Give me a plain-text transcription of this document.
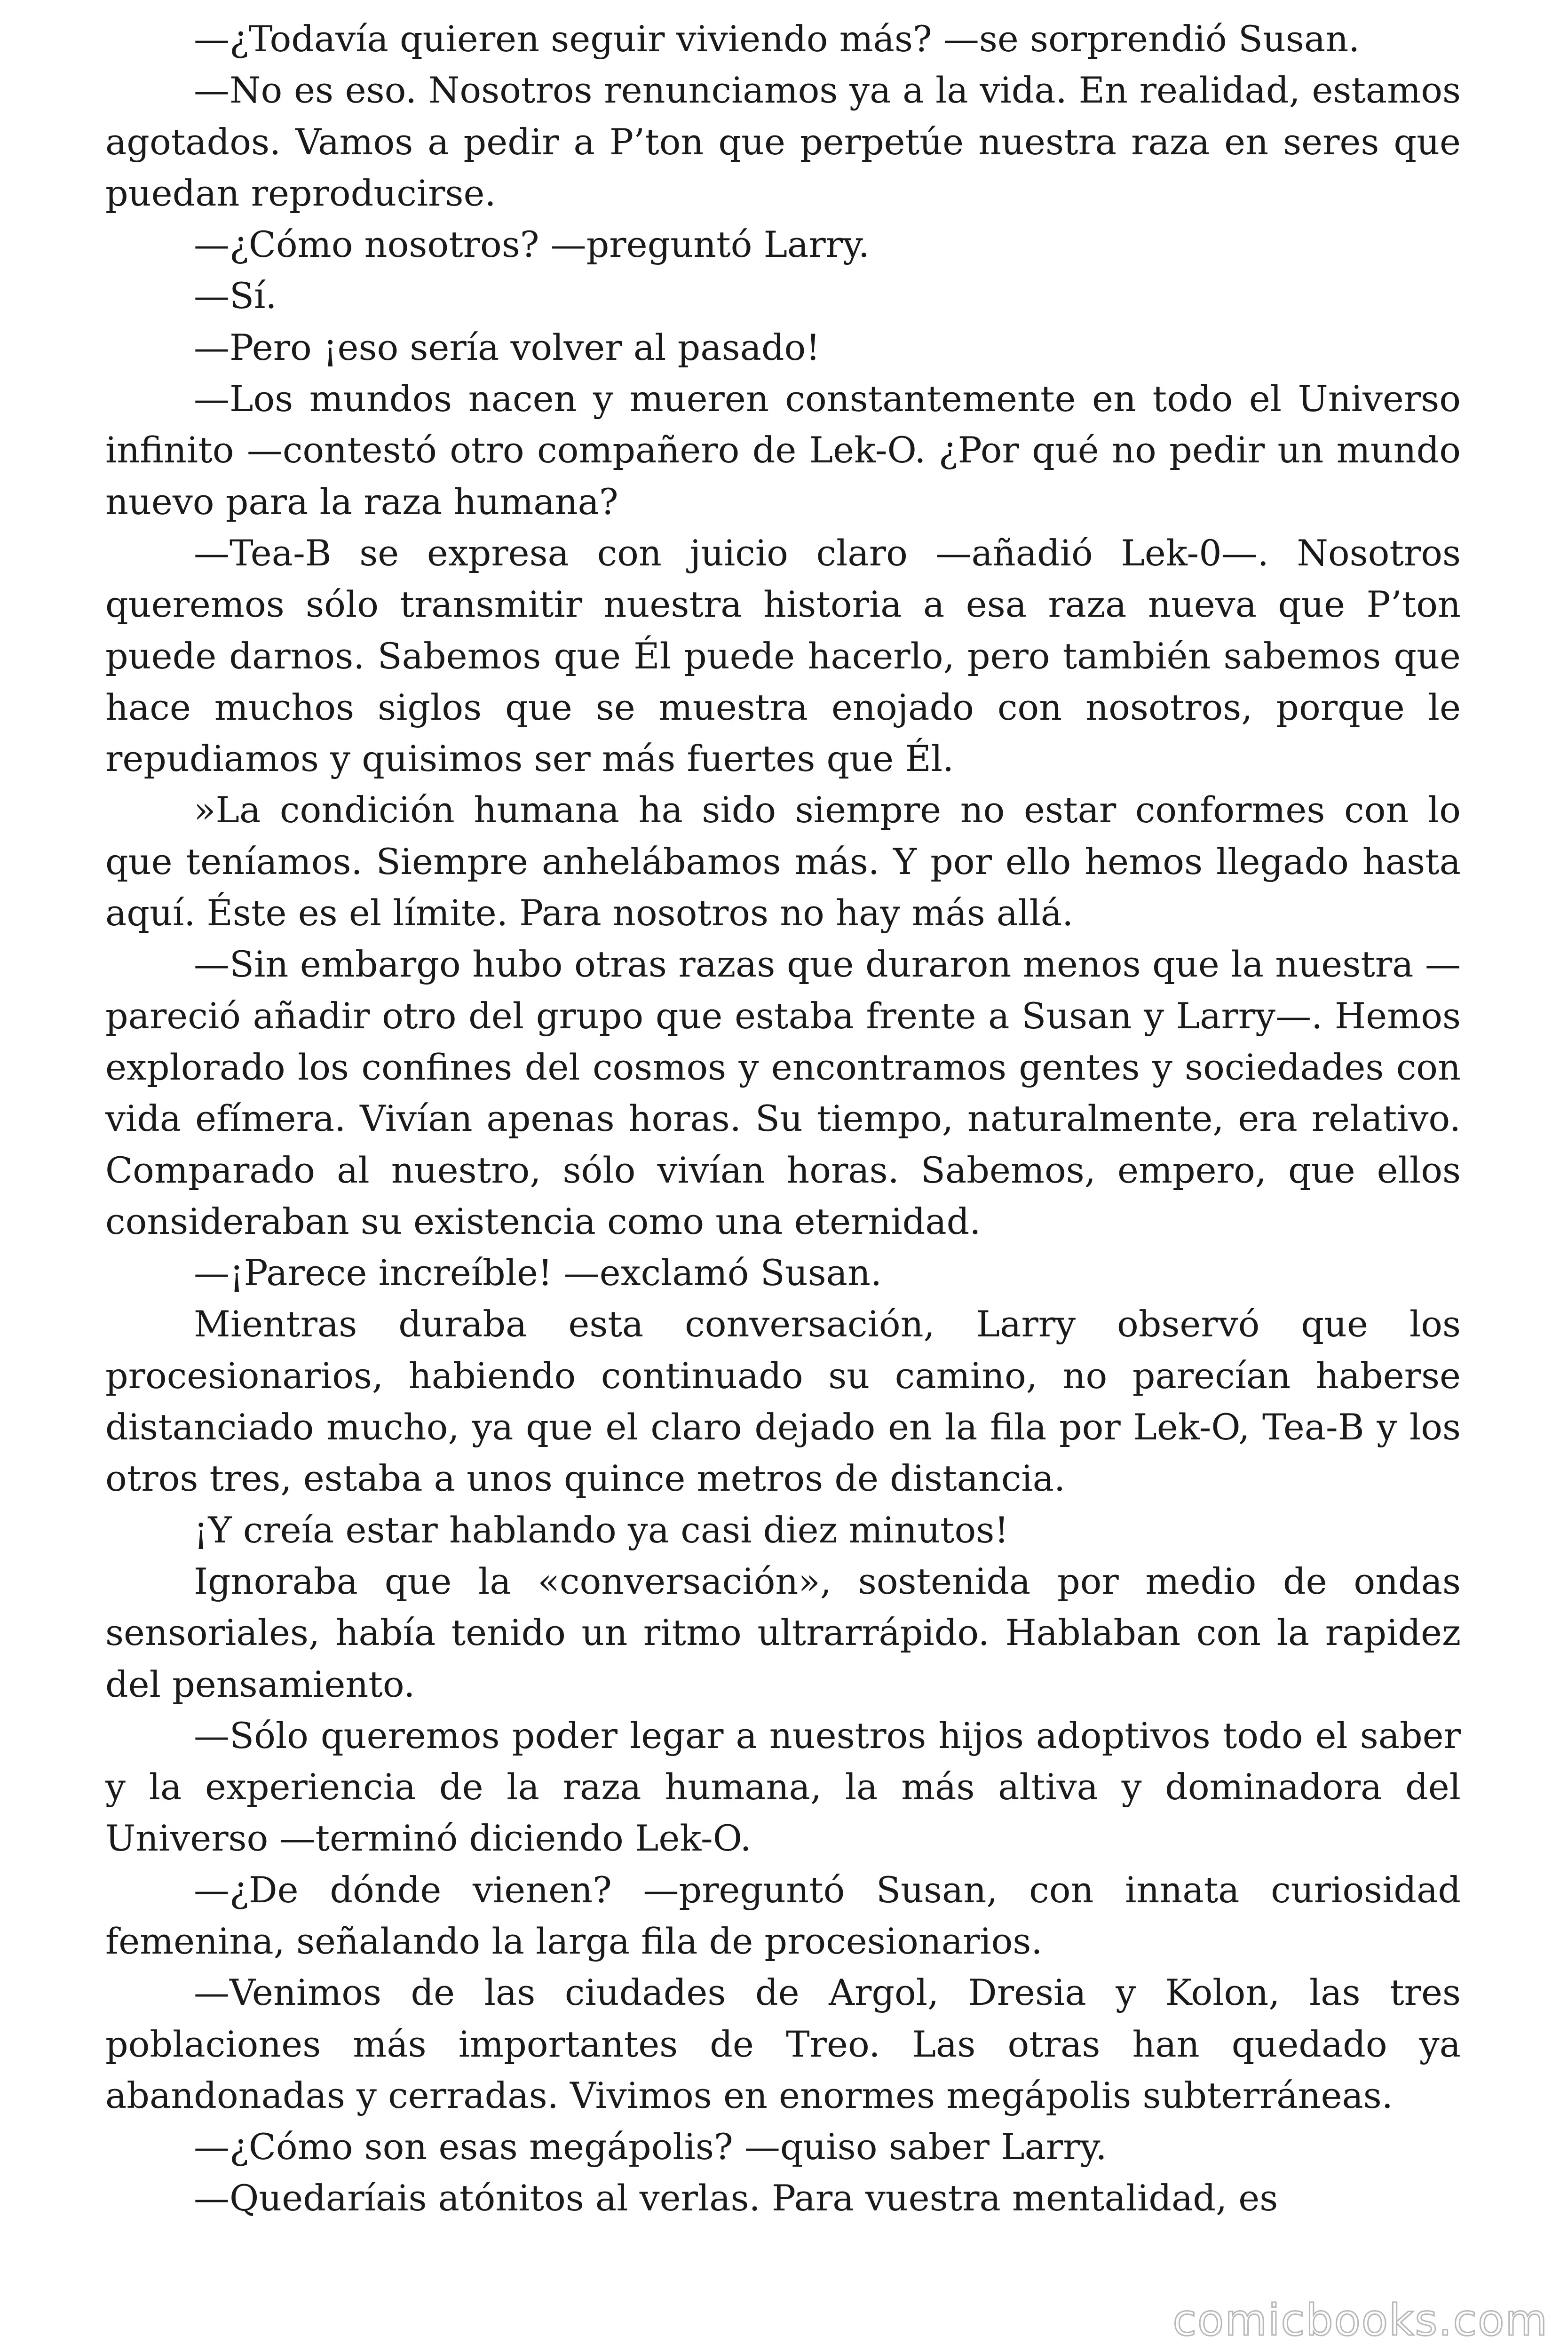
—¿Todavía quieren seguir viviendo más? —se sorprendió Susan.

—No es eso. Nosotros renunciamos ya a la vida. En realidad, estamos agotados. Vamos a pedir a P’ton que perpetúe nuestra raza en seres que puedan reproducirse.

—¿Cómo nosotros? —preguntó Larry.

—Sí.

—Pero ¡eso sería volver al pasado!

—Los mundos nacen y mueren constantemente en todo el Universo infinito —contestó otro compañero de Lek-O. ¿Por qué no pedir un mundo nuevo para la raza humana?

—Tea-B se expresa con juicio claro —añadió Lek-0—. Nosotros queremos sólo transmitir nuestra historia a esa raza nueva que P’ton puede darnos. Sabemos que Él puede hacerlo, pero también sabemos que hace muchos siglos que se muestra enojado con nosotros, porque le repudiamos y quisimos ser más fuertes que Él.

»La condición humana ha sido siempre no estar conformes con lo que teníamos. Siempre anhelábamos más. Y por ello hemos llegado hasta aquí. Éste es el límite. Para nosotros no hay más allá.

—Sin embargo hubo otras razas que duraron menos que la nuestra —pareció añadir otro del grupo que estaba frente a Susan y Larry—. Hemos explorado los confines del cosmos y encontramos gentes y sociedades con vida efímera. Vivían apenas horas. Su tiempo, naturalmente, era relativo. Comparado al nuestro, sólo vivían horas. Sabemos, empero, que ellos consideraban su existencia como una eternidad.

—¡Parece increíble! —exclamó Susan.

Mientras duraba esta conversación, Larry observó que los procesionarios, habiendo continuado su camino, no parecían haberse distanciado mucho, ya que el claro dejado en la fila por Lek-O, Tea-B y los otros tres, estaba a unos quince metros de distancia.

¡Y creía estar hablando ya casi diez minutos!

Ignoraba que la «conversación», sostenida por medio de ondas sensoriales, había tenido un ritmo ultrarrápido. Hablaban con la rapidez del pensamiento.

—Sólo queremos poder legar a nuestros hijos adoptivos todo el saber y la experiencia de la raza humana, la más altiva y dominadora del Universo —terminó diciendo Lek-O.

—¿De dónde vienen? —preguntó Susan, con innata curiosidad femenina, señalando la larga fila de procesionarios.

—Venimos de las ciudades de Argol, Dresia y Kolon, las tres poblaciones más importantes de Treo. Las otras han quedado ya abandonadas y cerradas. Vivimos en enormes megápolis subterráneas.

—¿Cómo son esas megápolis? —quiso saber Larry.

—Quedaríais atónitos al verlas. Para vuestra mentalidad, es

comicbooks.com
